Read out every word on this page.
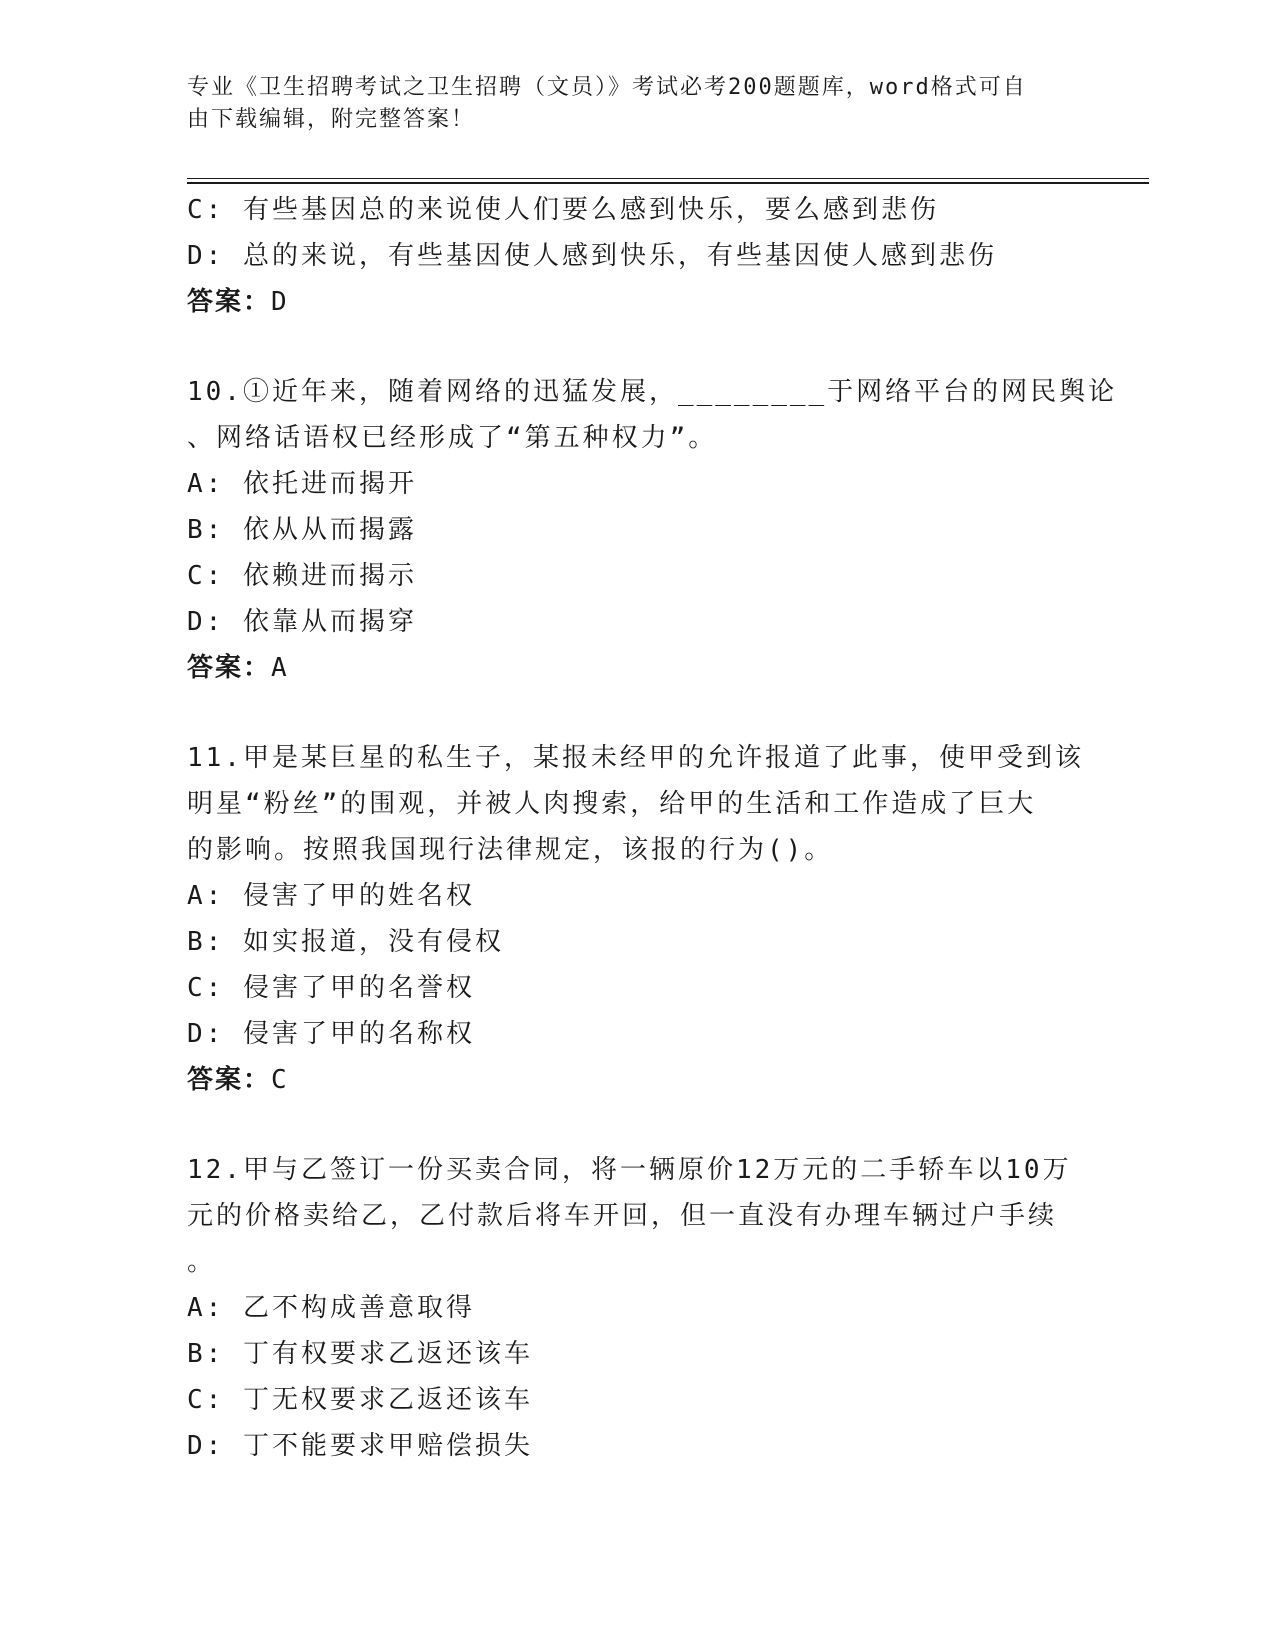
专业《卫生招聘考试之卫生招聘（文员）》考试必考200题题库，word格式可自
由下载编辑，附完整答案！
C: 有些基因总的来说使人们要么感到快乐，要么感到悲伤
D: 总的来说，有些基因使人感到快乐，有些基因使人感到悲伤
答案：D
10.①近年来，随着网络的迅猛发展，________于网络平台的网民舆论
、网络话语权已经形成了“第五种权力”。
A: 依托进而揭开
B: 依从从而揭露
C: 依赖进而揭示
D: 依靠从而揭穿
答案：A
11.甲是某巨星的私生子，某报未经甲的允许报道了此事，使甲受到该
明星“粉丝”的围观，并被人肉搜索，给甲的生活和工作造成了巨大
的影响。按照我国现行法律规定，该报的行为()。
A: 侵害了甲的姓名权
B: 如实报道，没有侵权
C: 侵害了甲的名誉权
D: 侵害了甲的名称权
答案：C
12.甲与乙签订一份买卖合同，将一辆原价12万元的二手轿车以10万
元的价格卖给乙，乙付款后将车开回，但一直没有办理车辆过户手续
。
A: 乙不构成善意取得
B: 丁有权要求乙返还该车
C: 丁无权要求乙返还该车
D: 丁不能要求甲赔偿损失
